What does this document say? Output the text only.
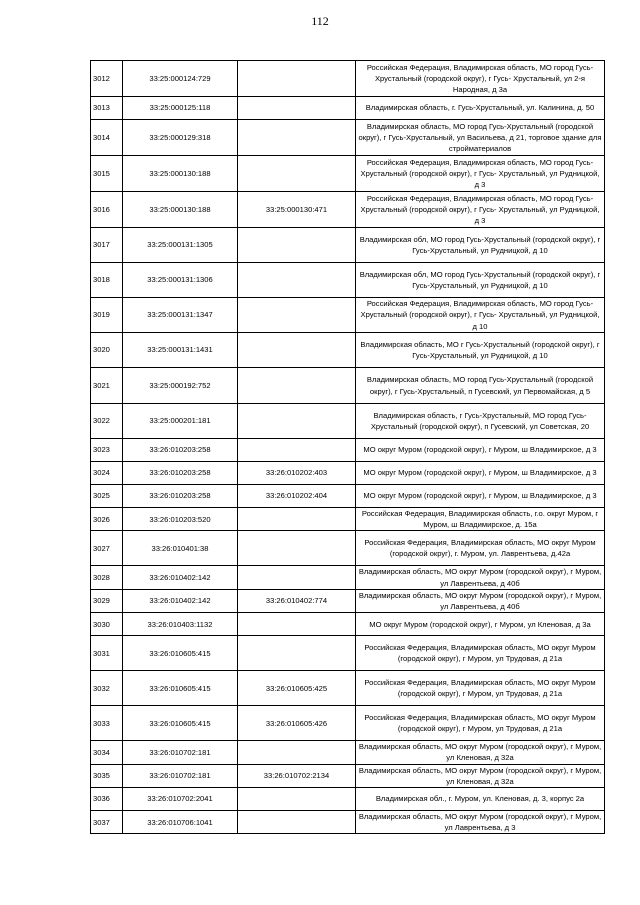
112
3012	33:25:000124:729		Российская Федерация, Владимирская область, МО город Гусь-Хрустальный (городской округ), г Гусь- Хрустальный, ул 2-я Народная, д 3а
3013	33:25:000125:118		Владимирская область, г. Гусь-Хрустальный, ул. Калинина, д. 50
3014	33:25:000129:318		Владимирская область, МО город Гусь-Хрустальный (городской округ), г Гусь-Хрустальный, ул Васильева, д 21, торговое здание для стройматериалов
3015	33:25:000130:188		Российская Федерация, Владимирская область, МО город Гусь-Хрустальный (городской округ), г Гусь- Хрустальный, ул Рудницкой, д 3
3016	33:25:000130:188	33:25:000130:471	Российская Федерация, Владимирская область, МО город Гусь-Хрустальный (городской округ), г Гусь- Хрустальный, ул Рудницкой, д 3
3017	33:25:000131:1305		Владимирская обл, МО город Гусь-Хрустальный (городской округ), г Гусь-Хрустальный, ул Рудницкой, д 10
3018	33:25:000131:1306		Владимирская обл, МО город Гусь-Хрустальный (городской округ), г Гусь-Хрустальный, ул Рудницкой, д 10
3019	33:25:000131:1347		Российская Федерация, Владимирская область, МО город Гусь-Хрустальный (городской округ), г Гусь- Хрустальный, ул Рудницкой, д 10
3020	33:25:000131:1431		Владимирская область, МО г Гусь-Хрустальный (городской округ), г Гусь-Хрустальный, ул Рудницкой, д 10
3021	33:25:000192:752		Владимирская область, МО город Гусь-Хрустальный (городской округ), г Гусь-Хрустальный, п Гусевский, ул Первомайская, д 5
3022	33:25:000201:181		Владимирская область, г Гусь-Хрустальный, МО город Гусь-Хрустальный (городской округ), п Гусевский, ул Советская, 20
3023	33:26:010203:258		МО округ Муром (городской округ), г Муром, ш Владимирское, д 3
3024	33:26:010203:258	33:26:010202:403	МО округ Муром (городской округ), г Муром, ш Владимирское, д 3
3025	33:26:010203:258	33:26:010202:404	МО округ Муром (городской округ), г Муром, ш Владимирское, д 3
3026	33:26:010203:520		Российская Федерация, Владимирская область, г.о. округ Муром, г Муром, ш Владимирское, д. 15а
3027	33:26:010401:38		Российская Федерация, Владимирская область, МО округ Муром (городской округ), г. Муром, ул. Лаврентьева, д.42а
3028	33:26:010402:142		Владимирская область, МО округ Муром (городской округ), г Муром, ул Лаврентьева, д 40б
3029	33:26:010402:142	33:26:010402:774	Владимирская область, МО округ Муром (городской округ), г Муром, ул Лаврентьева, д 40б
3030	33:26:010403:1132		МО округ Муром (городской округ), г Муром, ул Кленовая, д 3а
3031	33:26:010605:415		Российская Федерация, Владимирская область, МО округ Муром (городской округ), г Муром, ул Трудовая, д 21а
3032	33:26:010605:415	33:26:010605:425	Российская Федерация, Владимирская область, МО округ Муром (городской округ), г Муром, ул Трудовая, д 21а
3033	33:26:010605:415	33:26:010605:426	Российская Федерация, Владимирская область, МО округ Муром (городской округ), г Муром, ул Трудовая, д 21а
3034	33:26:010702:181		Владимирская область, МО округ Муром (городской округ), г Муром, ул Кленовая, д 32а
3035	33:26:010702:181	33:26:010702:2134	Владимирская область, МО округ Муром (городской округ), г Муром, ул Кленовая, д 32а
3036	33:26:010702:2041		Владимирская обл., г. Муром, ул. Кленовая, д. 3, корпус 2а
3037	33:26:010706:1041		Владимирская область, МО округ Муром (городской округ), г Муром, ул Лаврентьева, д 3
